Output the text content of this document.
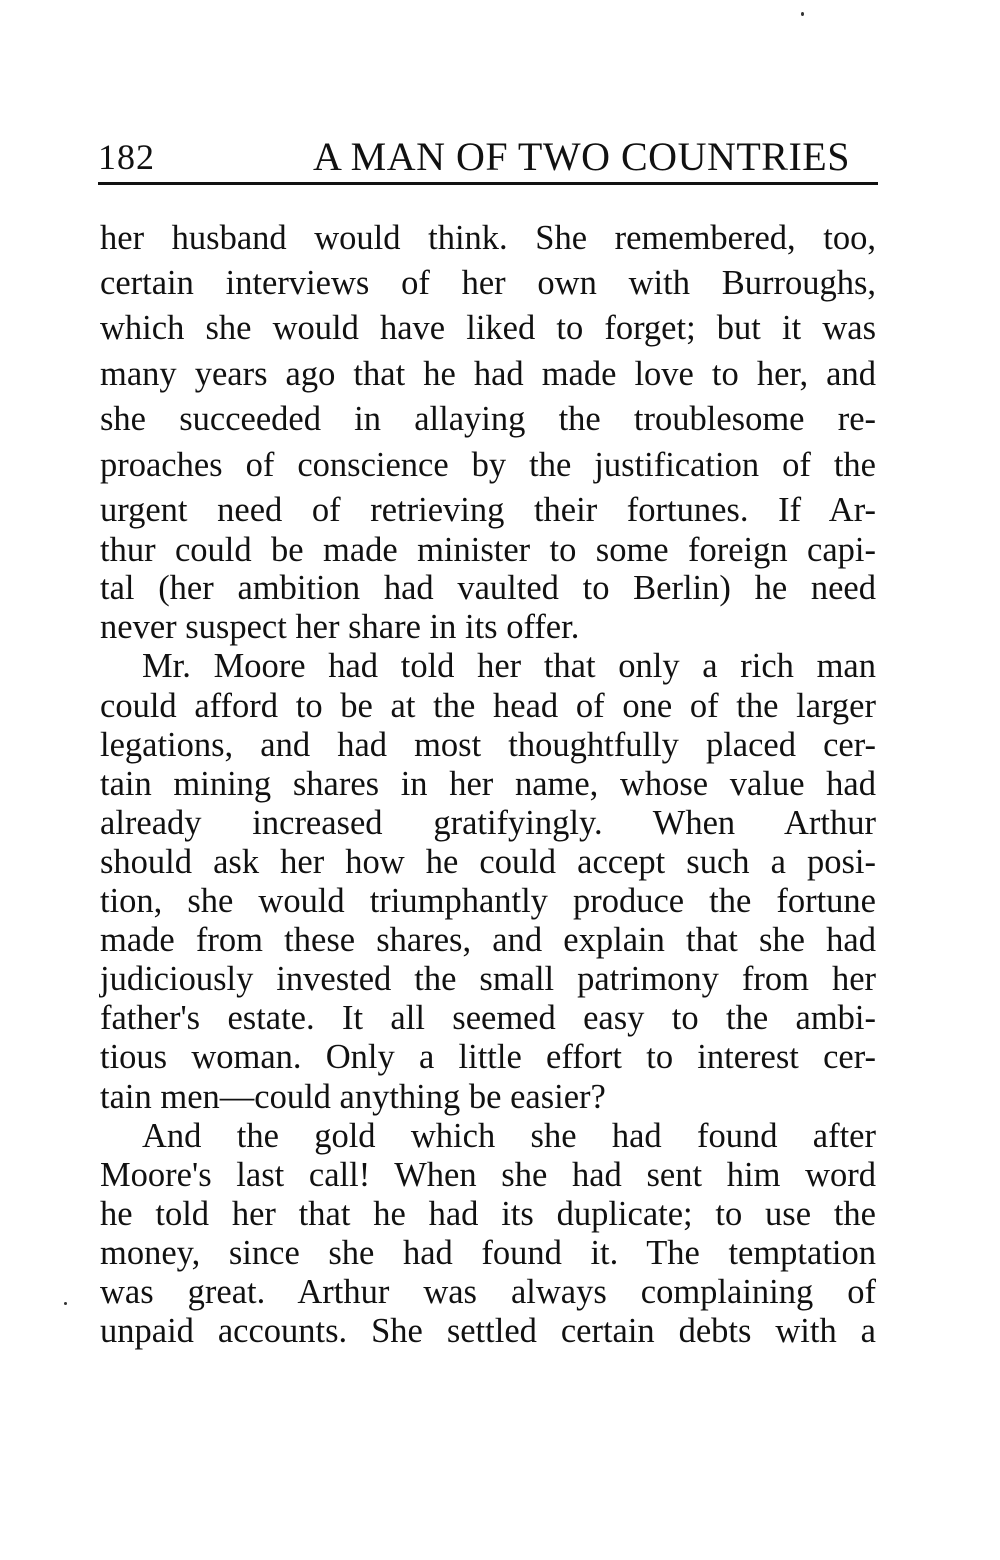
182	A MAN OF TWO COUNTRIES
her husband would think. She remembered, too,
certain interviews of her own with Burroughs,
which she would have liked to forget; but it was
many years ago that he had made love to her, and
she succeeded in allaying the troublesome re-
proaches of conscience by the justification of the
urgent need of retrieving their fortunes. If Ar-
thur could be made minister to some foreign capi-
tal (her ambition had vaulted to Berlin) he need
never suspect her share in its offer.
Mr. Moore had told her that only a rich man
could afford to be at the head of one of the larger
legations, and had most thoughtfully placed cer-
tain mining shares in her name, whose value had
already increased gratifyingly. When Arthur
should ask her how he could accept such a posi-
tion, she would triumphantly produce the fortune
made from these shares, and explain that she had
judiciously invested the small patrimony from her
father's estate. It all seemed easy to the ambi-
tious woman. Only a little effort to interest cer-
tain men—could anything be easier?
And the gold which she had found after
Moore's last call! When she had sent him word
he told her that he had its duplicate; to use the
money, since she had found it. The temptation
was great. Arthur was always complaining of
unpaid accounts. She settled certain debts with a
